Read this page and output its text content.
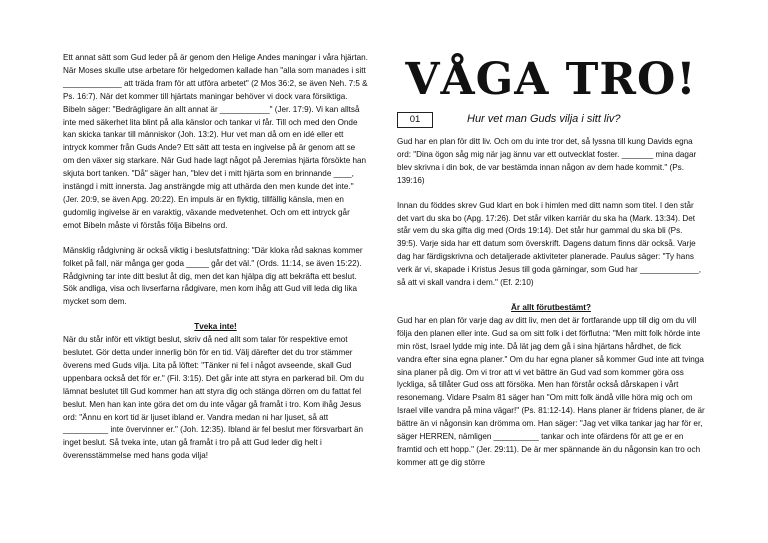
Ett annat sätt som Gud leder på är genom den Helige Andes maningar i våra hjärtan. När Moses skulle utse arbetare för helgedomen kallade han "alla som manades i sitt _____________ att träda fram för att utföra arbetet" (2 Mos 36:2, se även Neh. 7:5 & Ps. 16:7). När det kommer till hjärtats maningar behöver vi dock vara försiktiga. Bibeln säger: "Bedrägligare än allt annat är ___________" (Jer. 17:9). Vi kan alltså inte med säkerhet lita blint på alla känslor och tankar vi får. Till och med den Onde kan skicka tankar till människor (Joh. 13:2). Hur vet man då om en idé eller ett intryck kommer från Guds Ande? Ett sätt att testa en ingivelse på är genom att se om den växer sig starkare. När Gud hade lagt något på Jeremias hjärta försökte han skjuta bort tanken. "Då" säger han, "blev det i mitt hjärta som en brinnande ____, instängd i mitt innersta. Jag ansträngde mig att uthärda den men kunde det inte." (Jer. 20:9, se även Apg. 20:22). En impuls är en flyktig, tillfällig känsla, men en gudomlig ingivelse är en varaktig, växande medvetenhet. Och om ett intryck går emot Bibeln måste vi förstås följa Bibelns ord.

Mänsklig rådgivning är också viktig i beslutsfattning: "Där kloka råd saknas kommer folket på fall, när många ger goda _____ går det väl." (Ords. 11:14, se även 15:22). Rådgivning tar inte ditt beslut åt dig, men det kan hjälpa dig att bekräfta ett beslut. Sök andliga, visa och livserfarna rådgivare, men kom ihåg att Gud vill leda dig lika mycket som dem.

Tveka inte!

När du står inför ett viktigt beslut, skriv då ned allt som talar för respektive emot beslutet. Gör detta under innerlig bön för en tid. Välj därefter det du tror stämmer överens med Guds vilja. Lita på löftet: "Tänker ni fel i något avseende, skall Gud uppenbara också det för er." (Fil. 3:15). Det går inte att styra en parkerad bil. Om du lämnat beslutet till Gud kommer han att styra dig och stänga dörren om du fattat fel beslut. Men han kan inte göra det om du inte vågar gå framåt i tro. Kom ihåg Jesus ord: "Ännu en kort tid är ljuset ibland er. Vandra medan ni har ljuset, så att __________ inte övervinner er." (Joh. 12:35). Ibland är fel beslut mer försvarbart än inget beslut. Så tveka inte, utan gå framåt i tro på att Gud leder dig helt i överensstämmelse med hans goda vilja!

VÅGA TRO!
01	Hur vet man Guds vilja i sitt liv?

Gud har en plan för ditt liv. Och om du inte tror det, så lyssna till kung Davids egna ord: "Dina ögon såg mig när jag ännu var ett outvecklat foster. _______ mina dagar blev skrivna i din bok, de var bestämda innan någon av dem hade kommit." (Ps. 139:16)

Innan du föddes skrev Gud klart en bok i himlen med ditt namn som titel. I den står det vart du ska bo (Apg. 17:26). Det står vilken karriär du ska ha (Mark. 13:34). Det står vem du ska gifta dig med (Ords 19:14). Det står hur gammal du ska bli (Ps. 39:5). Varje sida har ett datum som överskrift. Dagens datum finns där också. Varje dag har färdigskrivna och detaljerade aktiviteter planerade. Paulus säger: "Ty hans verk är vi, skapade i Kristus Jesus till goda gärningar, som Gud har _____________, så att vi skall vandra i dem." (Ef. 2:10)

Är allt förutbestämt?

Gud har en plan för varje dag av ditt liv, men det är fortfarande upp till dig om du vill följa den planen eller inte. Gud sa om sitt folk i det förflutna: "Men mitt folk hörde inte min röst, Israel lydde mig inte. Då lät jag dem gå i sina hjärtans hårdhet, de fick vandra efter sina egna planer." Om du har egna planer så kommer Gud inte att tvinga sina planer på dig. Om vi tror att vi vet bättre än Gud vad som kommer göra oss lyckliga, så tillåter Gud oss att försöka. Men han förstår också dårskapen i vårt resonemang. Vidare Psalm 81 säger han "Om mitt folk ändå ville höra mig och om Israel ville vandra på mina vägar!" (Ps. 81:12-14). Hans planer är fridens planer, de är bättre än vi någonsin kan drömma om. Han säger: "Jag vet vilka tankar jag har för er, säger HERREN, nämligen __________ tankar och inte ofärdens för att ge er en framtid och ett hopp." (Jer. 29:11). De är mer spännande än du någonsin kan tro och kommer att ge dig större
